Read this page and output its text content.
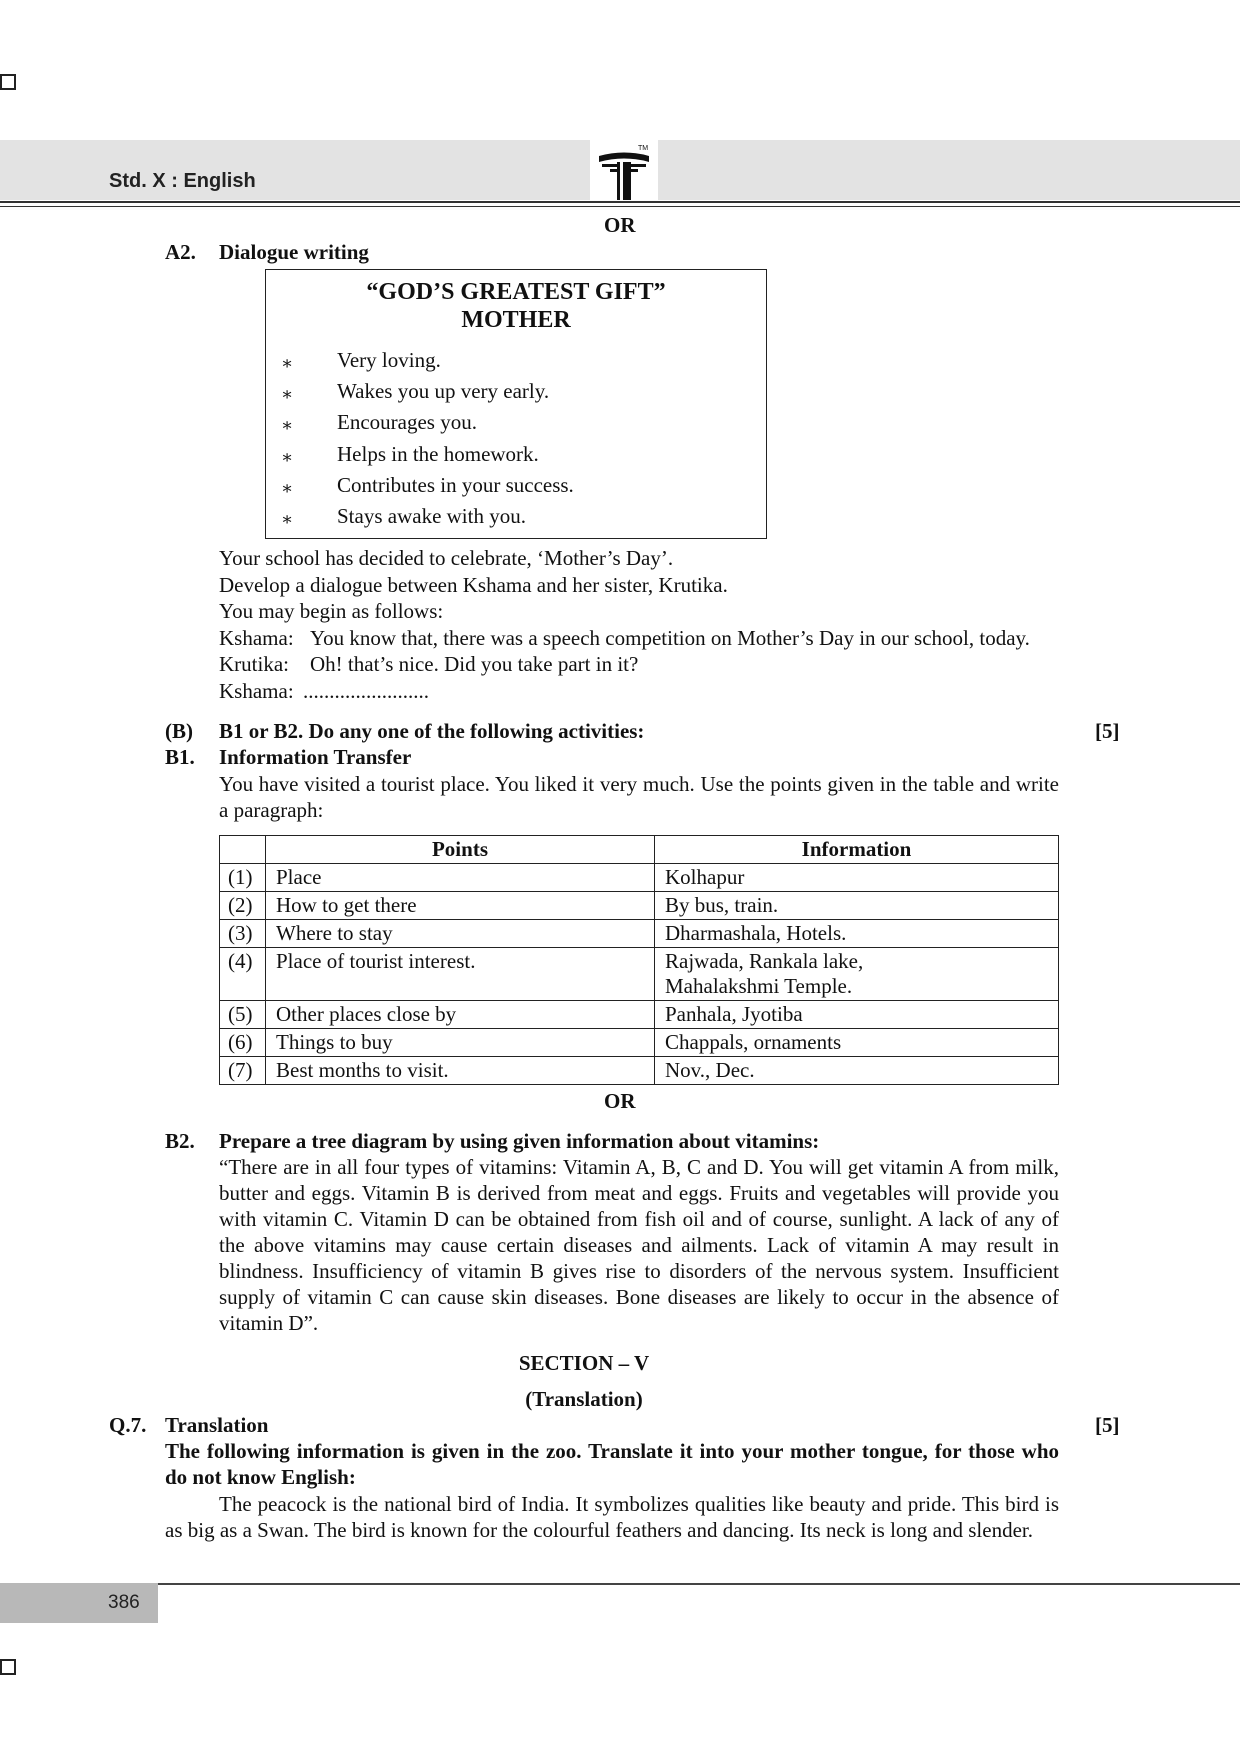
Std. X : English
TM
OR
A2. Dialogue writing
“GOD’S GREATEST GIFT”
MOTHER
∗ Very loving.
∗ Wakes you up very early.
∗ Encourages you.
∗ Helps in the homework.
∗ Contributes in your success.
∗ Stays awake with you.
Your school has decided to celebrate, ‘Mother’s Day’.
Develop a dialogue between Kshama and her sister, Krutika.
You may begin as follows:
Kshama: You know that, there was a speech competition on Mother’s Day in our school, today.
Krutika: Oh! that’s nice. Did you take part in it?
Kshama: ........................
(B) B1 or B2. Do any one of the following activities:	[5]
B1. Information Transfer
You have visited a tourist place. You liked it very much. Use the points given in the table and write a paragraph:
	Points	Information
(1)	Place	Kolhapur
(2)	How to get there	By bus, train.
(3)	Where to stay	Dharmashala, Hotels.
(4)	Place of tourist interest.	Rajwada, Rankala lake,
Mahalakshmi Temple.

(5)	Other places close by	Panhala, Jyotiba
(6)	Things to buy	Chappals, ornaments
(7)	Best months to visit.	Nov., Dec.
OR
B2. Prepare a tree diagram by using given information about vitamins:
“There are in all four types of vitamins: Vitamin A, B, C and D. You will get vitamin A from milk, butter and eggs. Vitamin B is derived from meat and eggs. Fruits and vegetables will provide you with vitamin C. Vitamin D can be obtained from fish oil and of course, sunlight. A lack of any of the above vitamins may cause certain diseases and ailments. Lack of vitamin A may result in blindness. Insufficiency of vitamin B gives rise to disorders of the nervous system. Insufficient supply of vitamin C can cause skin diseases. Bone diseases are likely to occur in the absence of vitamin D”.
SECTION – V
(Translation)
Q.7. Translation	[5]
The following information is given in the zoo. Translate it into your mother tongue, for those who do not know English:
The peacock is the national bird of India. It symbolizes qualities like beauty and pride. This bird is as big as a Swan. The bird is known for the colourful feathers and dancing. Its neck is long and slender.
386
